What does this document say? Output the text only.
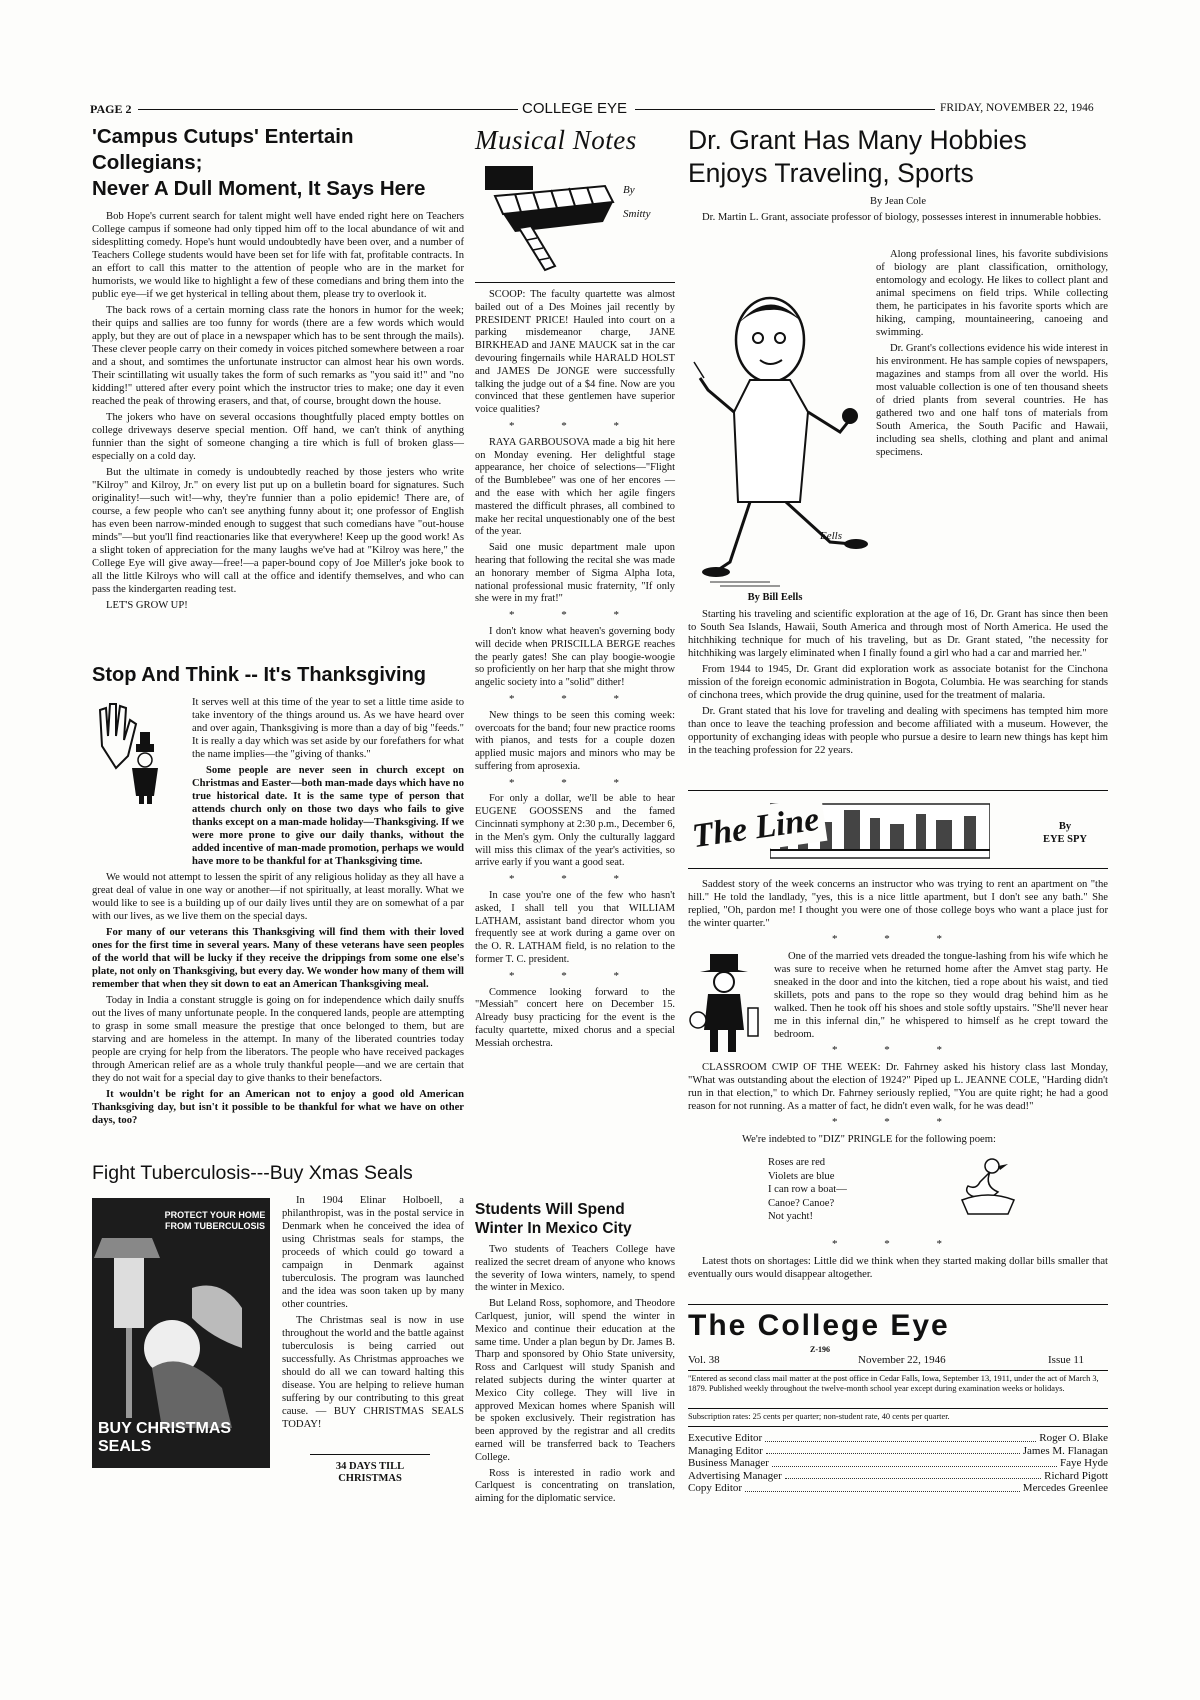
PAGE 2	COLLEGE EYE	FRIDAY, NOVEMBER 22, 1946
'Campus Cutups' Entertain Collegians;
Never A Dull Moment, It Says Here

Bob Hope's current search for talent might well have ended right here on Teachers College campus if someone had only tipped him off to the local abundance of wit and sidesplitting comedy. Hope's hunt would undoubtedly have been over, and a number of Teachers College students would have been set for life with fat, profitable contracts. In an effort to call this matter to the attention of people who are in the market for humorists, we would like to highlight a few of these comedians and bring them into the public eye—if we get hysterical in telling about them, please try to overlook it.

The back rows of a certain morning class rate the honors in humor for the week; their quips and sallies are too funny for words (there are a few words which would apply, but they are out of place in a newspaper which has to be sent through the mails). These clever people carry on their comedy in voices pitched somewhere between a roar and a shout, and somtimes the unfortunate instructor can almost hear his own words. Their scintillating wit usually takes the form of such remarks as "you said it!" and "no kidding!" uttered after every point which the instructor tries to make; one day it even reached the peak of throwing erasers, and that, of course, brought down the house.

The jokers who have on several occasions thoughtfully placed empty bottles on college driveways deserve special mention. Off hand, we can't think of anything funnier than the sight of someone changing a tire which is full of broken glass—especially on a cold day.

But the ultimate in comedy is undoubtedly reached by those jesters who write "Kilroy" and Kilroy, Jr." on every list put up on a bulletin board for signatures. Such originality!—such wit!—why, they're funnier than a polio epidemic! There are, of course, a few people who can't see anything funny about it; one professor of English has even been narrow-minded enough to suggest that such comedians have "out-house minds"—but you'll find reactionaries like that everywhere! Keep up the good work! As a slight token of appreciation for the many laughs we've had at "Kilroy was here," the College Eye will give away—free!—a paper-bound copy of Joe Miller's joke book to all the little Kilroys who will call at the office and identify themselves, and who can pass the kindergarten reading test.

LET'S GROW UP!

Stop And Think -- It's Thanksgiving

It serves well at this time of the year to set a little time aside to take inventory of the things around us. As we have heard over and over again, Thanksgiving is more than a day of big "feeds." It is really a day which was set aside by our forefathers for what the name implies—the "giving of thanks."

Some people are never seen in church except on Christmas and Easter—both man-made days which have no true historical date. It is the same type of person that attends church only on those two days who fails to give thanks except on a man-made holiday—Thanksgiving. If we were more prone to give our daily thanks, without the added incentive of man-made promotion, perhaps we would have more to be thankful for at Thanksgiving time.

We would not attempt to lessen the spirit of any religious holiday as they all have a great deal of value in one way or another—if not spiritually, at least morally. What we would like to see is a building up of our daily lives until they are on somewhat of a par with our lives, as we live them on the special days.

For many of our veterans this Thanksgiving will find them with their loved ones for the first time in several years. Many of these veterans have seen peoples of the world that will be lucky if they receive the drippings from some one else's plate, not only on Thanksgiving, but every day. We wonder how many of them will remember that when they sit down to eat an American Thanksgiving meal.

Today in India a constant struggle is going on for independence which daily snuffs out the lives of many unfortunate people. In the conquered lands, people are attempting to grasp in some small measure the prestige that once belonged to them, but are starving and are homeless in the attempt. In many of the liberated countries today people are crying for help from the liberators. The people who have received packages through American relief are as a whole truly thankful people—and we are certain that they do not wait for a special day to give thanks to their benefactors.

It wouldn't be right for an American not to enjoy a good old American Thanksgiving day, but isn't it possible to be thankful for what we have on other days, too?

Fight Tuberculosis---Buy Xmas Seals
PROTECT YOUR HOME FROM TUBERCULOSIS
BUY CHRISTMAS SEALS

In 1904 Elinar Holboell, a philanthropist, was in the postal service in Denmark when he conceived the idea of using Christmas seals for stamps, the proceeds of which could go toward a campaign in Denmark against tuberculosis. The program was launched and the idea was soon taken up by many other countries.

The Christmas seal is now in use throughout the world and the battle against tuberculosis is being carried out successfully. As Christmas approaches we should do all we can toward halting this disease. You are helping to relieve human suffering by our contributing to this great cause. — BUY CHRISTMAS SEALS TODAY!

34 DAYS TILL CHRISTMAS
Musical Notes
By
Smitty

SCOOP: The faculty quartette was almost bailed out of a Des Moines jail recently by PRESIDENT PRICE! Hauled into court on a parking misdemeanor charge, JANE BIRKHEAD and JANE MAUCK sat in the car devouring fingernails while HARALD HOLST and JAMES De JONGE were successfully talking the judge out of a $4 fine. Now are you convinced that these gentlemen have superior voice qualities?

* * *

RAYA GARBOUSOVA made a big hit here on Monday evening. Her delightful stage appearance, her choice of selections—"Flight of the Bumblebee" was one of her encores — and the ease with which her agile fingers mastered the difficult phrases, all combined to make her recital unquestionably one of the best of the year.

Said one music department male upon hearing that following the recital she was made an honorary member of Sigma Alpha Iota, national professional music fraternity, "If only she were in my frat!"

* * *

I don't know what heaven's governing body will decide when PRISCILLA BERGE reaches the pearly gates! She can play boogie-woogie so proficiently on her harp that she might throw angelic society into a "solid" dither!

* * *

New things to be seen this coming week: overcoats for the band; four new practice rooms with pianos, and tests for a couple dozen applied music majors and minors who may be suffering from aprosexia.

* * *

For only a dollar, we'll be able to hear EUGENE GOOSSENS and the famed Cincinnati symphony at 2:30 p.m., December 6, in the Men's gym. Only the culturally laggard will miss this climax of the year's activities, so arrive early if you want a good seat.

* * *

In case you're one of the few who hasn't asked, I shall tell you that WILLIAM LATHAM, assistant band director whom you frequently see at work during a game over on the O. R. LATHAM field, is no relation to the former T. C. president.

* * *

Commence looking forward to the "Messiah" concert here on December 15. Already busy practicing for the event is the faculty quartette, mixed chorus and a special Messiah orchestra.

Students Will Spend Winter In Mexico City

Two students of Teachers College have realized the secret dream of anyone who knows the severity of Iowa winters, namely, to spend the winter in Mexico.

But Leland Ross, sophomore, and Theodore Carlquest, junior, will spend the winter in Mexico and continue their education at the same time. Under a plan begun by Dr. James B. Tharp and sponsored by Ohio State university, Ross and Carlquest will study Spanish and related subjects during the winter quarter at Mexico City college. They will live in approved Mexican homes where Spanish will be spoken exclusively. Their registration has been approved by the registrar and all credits earned will be transferred back to Teachers College.

Ross is interested in radio work and Carlquest is concentrating on translation, aiming for the diplomatic service.

Dr. Grant Has Many Hobbies
Enjoys Traveling, Sports
By Jean Cole

Dr. Martin L. Grant, associate professor of biology, possesses interest in innumerable hobbies.

Eells

Along professional lines, his favorite subdivisions of biology are plant classification, ornithology, entomology and ecology. He likes to collect plant and animal specimens on field trips. While collecting them, he participates in his favorite sports which are hiking, camping, mountaineering, canoeing and swimming.

Dr. Grant's collections evidence his wide interest in his environment. He has sample copies of newspapers, magazines and stamps from all over the world. His most valuable collection is one of ten thousand sheets of dried plants from several countries. He has gathered two and one half tons of materials from South America, the South Pacific and Hawaii, including sea shells, clothing and plant and animal specimens.

By Bill Eells

Starting his traveling and scientific exploration at the age of 16, Dr. Grant has since then been to South Sea Islands, Hawaii, South America and through most of North America. He used the hitchhiking technique for much of his traveling, but as Dr. Grant stated, "the necessity for hitchhiking was largely eliminated when I finally found a girl who had a car and married her."

From 1944 to 1945, Dr. Grant did exploration work as associate botanist for the Cinchona mission of the foreign economic administration in Bogota, Columbia. He was searching for stands of cinchona trees, which provide the drug quinine, used for the treatment of malaria.

Dr. Grant stated that his love for traveling and dealing with specimens has tempted him more than once to leave the teaching profession and become affiliated with a museum. However, the opportunity of exchanging ideas with people who pursue a desire to learn new things has kept him in the teaching profession for 22 years.

The Line	By
EYE SPY

Saddest story of the week concerns an instructor who was trying to rent an apartment on "the hill." He told the landlady, "yes, this is a nice little apartment, but I don't see any bath." She replied, "Oh, pardon me! I thought you were one of those college boys who want a place just for the winter quarter."

* * *

One of the married vets dreaded the tongue-lashing from his wife which he was sure to receive when he returned home after the Amvet stag party. He sneaked in the door and into the kitchen, tied a rope about his waist, and tied skillets, pots and pans to the rope so they would drag behind him as he walked. Then he took off his shoes and stole softly upstairs. "She'll never hear me in this infernal din," he whispered to himself as he crept toward the bedroom.

* * *

CLASSROOM CWIP OF THE WEEK: Dr. Fahrney asked his history class last Monday, "What was outstanding about the election of 1924?" Piped up L. JEANNE COLE, "Harding didn't run in that election," to which Dr. Fahrney seriously replied, "You are quite right; he had a good reason for not running. As a matter of fact, he didn't even walk, for he was dead!"

* * *

We're indebted to "DIZ" PRINGLE for the following poem:

Roses are red
Violets are blue
I can row a boat—
Canoe? Canoe?
Not yacht!
* * *

Latest thots on shortages: Little did we think when they started making dollar bills smaller that eventually ours would disappear altogether.

The College Eye
Vol. 38
Z-196
November 22, 1946	Issue 11
"Entered as second class mail matter at the post office in Cedar Falls, Iowa, September 13, 1911, under the act of March 3, 1879. Published weekly throughout the twelve-month school year except during examination weeks or holidays.
Subscription rates: 25 cents per quarter; non-student rate, 40 cents per quarter.
Executive Editor	Roger O. Blake
Managing Editor	James M. Flanagan
Business Manager	Faye Hyde
Advertising Manager	Richard Pigott
Copy Editor	Mercedes Greenlee
